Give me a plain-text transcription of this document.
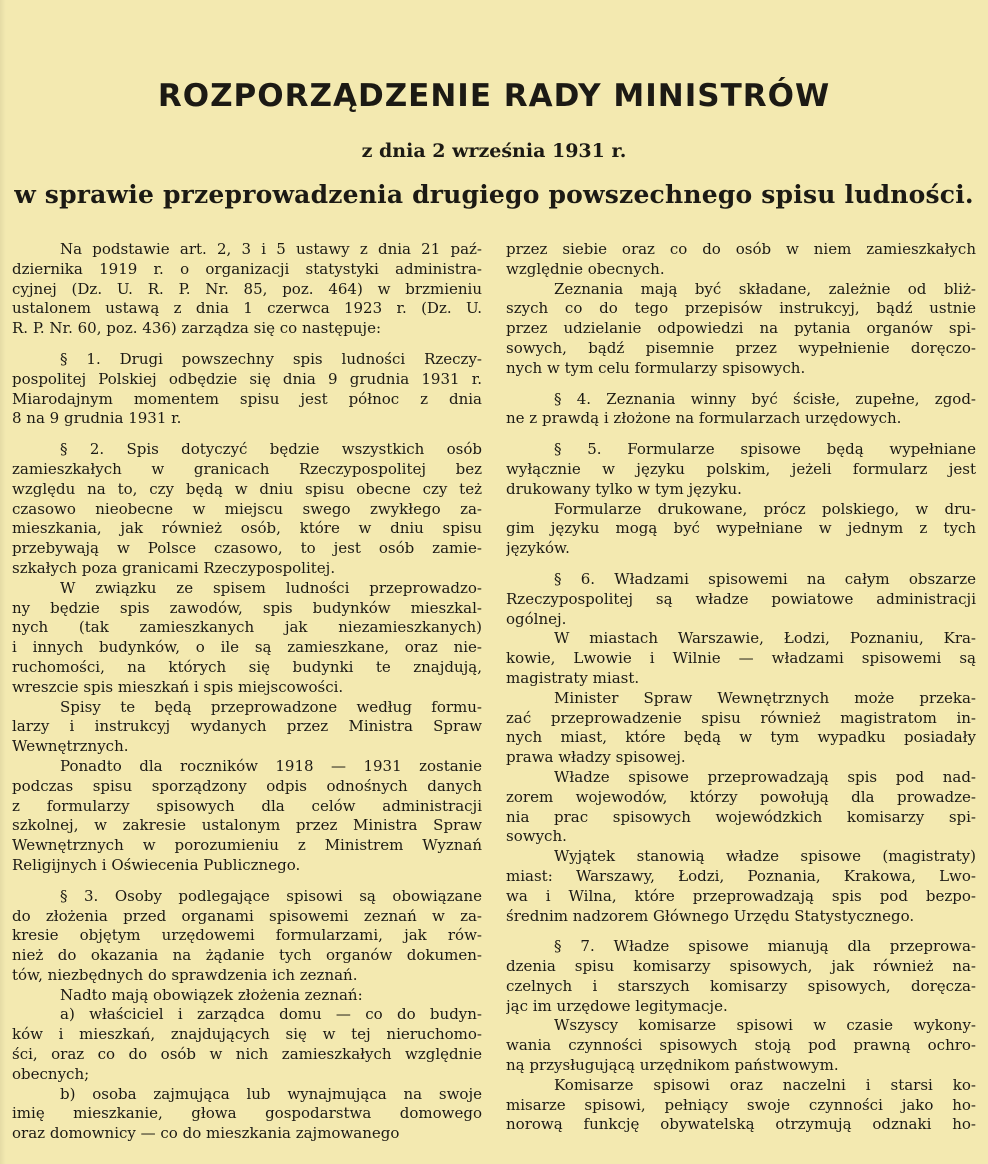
ROZPORZĄDZENIE RADY MINISTRÓW
z dnia 2 września 1931 r.
w sprawie przeprowadzenia drugiego powszechnego spisu ludności.
Na podstawie art. 2, 3 i 5 ustawy z dnia 21 paź-
dziernika 1919 r. o organizacji statystyki administra-
cyjnej (Dz. U. R. P. Nr. 85, poz. 464) w brzmieniu
ustalonem ustawą z dnia 1 czerwca 1923 r. (Dz. U.
R. P. Nr. 60, poz. 436) zarządza się co następuje:
§ 1. Drugi powszechny spis ludności Rzeczy-
pospolitej Polskiej odbędzie się dnia 9 grudnia 1931 r.
Miarodajnym momentem spisu jest północ z dnia
8 na 9 grudnia 1931 r.
§ 2. Spis dotyczyć będzie wszystkich osób
zamieszkałych w granicach Rzeczypospolitej bez
względu na to, czy będą w dniu spisu obecne czy też
czasowo nieobecne w miejscu swego zwykłego za-
mieszkania, jak również osób, które w dniu spisu
przebywają w Polsce czasowo, to jest osób zamie-
szkałych poza granicami Rzeczypospolitej.
W związku ze spisem ludności przeprowadzo-
ny będzie spis zawodów, spis budynków mieszkal-
nych (tak zamieszkanych jak niezamieszkanych)
i innych budynków, o ile są zamieszkane, oraz nie-
ruchomości, na których się budynki te znajdują,
wreszcie spis mieszkań i spis miejscowości.
Spisy te będą przeprowadzone według formu-
larzy i instrukcyj wydanych przez Ministra Spraw
Wewnętrznych.
Ponadto dla roczników 1918 — 1931 zostanie
podczas spisu sporządzony odpis odnośnych danych
z formularzy spisowych dla celów administracji
szkolnej, w zakresie ustalonym przez Ministra Spraw
Wewnętrznych w porozumieniu z Ministrem Wyznań
Religijnych i Oświecenia Publicznego.
§ 3. Osoby podlegające spisowi są obowiązane
do złożenia przed organami spisowemi zeznań w za-
kresie objętym urzędowemi formularzami, jak rów-
nież do okazania na żądanie tych organów dokumen-
tów, niezbędnych do sprawdzenia ich zeznań.
Nadto mają obowiązek złożenia zeznań:
a) właściciel i zarządca domu — co do budyn-
ków i mieszkań, znajdujących się w tej nieruchomo-
ści, oraz co do osób w nich zamieszkałych względnie
obecnych;
b) osoba zajmująca lub wynajmująca na swoje
imię mieszkanie, głowa gospodarstwa domowego
oraz domownicy — co do mieszkania zajmowanego
przez siebie oraz co do osób w niem zamieszkałych
względnie obecnych.
Zeznania mają być składane, zależnie od bliż-
szych co do tego przepisów instrukcyj, bądź ustnie
przez udzielanie odpowiedzi na pytania organów spi-
sowych, bądź pisemnie przez wypełnienie doręczo-
nych w tym celu formularzy spisowych.
§ 4. Zeznania winny być ścisłe, zupełne, zgod-
ne z prawdą i złożone na formularzach urzędowych.
§ 5. Formularze spisowe będą wypełniane
wyłącznie w języku polskim, jeżeli formularz jest
drukowany tylko w tym języku.
Formularze drukowane, prócz polskiego, w dru-
gim języku mogą być wypełniane w jednym z tych
języków.
§ 6. Władzami spisowemi na całym obszarze
Rzeczypospolitej są władze powiatowe administracji
ogólnej.
W miastach Warszawie, Łodzi, Poznaniu, Kra-
kowie, Lwowie i Wilnie — władzami spisowemi są
magistraty miast.
Minister Spraw Wewnętrznych może przeka-
zać przeprowadzenie spisu również magistratom in-
nych miast, które będą w tym wypadku posiadały
prawa władzy spisowej.
Władze spisowe przeprowadzają spis pod nad-
zorem wojewodów, którzy powołują dla prowadze-
nia prac spisowych wojewódzkich komisarzy spi-
sowych.
Wyjątek stanowią władze spisowe (magistraty)
miast: Warszawy, Łodzi, Poznania, Krakowa, Lwo-
wa i Wilna, które przeprowadzają spis pod bezpo-
średnim nadzorem Głównego Urzędu Statystycznego.
§ 7. Władze spisowe mianują dla przeprowa-
dzenia spisu komisarzy spisowych, jak również na-
czelnych i starszych komisarzy spisowych, doręcza-
jąc im urzędowe legitymacje.
Wszyscy komisarze spisowi w czasie wykony-
wania czynności spisowych stoją pod prawną ochro-
ną przysługującą urzędnikom państwowym.
Komisarze spisowi oraz naczelni i starsi ko-
misarze spisowi, pełniący swoje czynności jako ho-
norową funkcję obywatelską otrzymują odznaki ho-
